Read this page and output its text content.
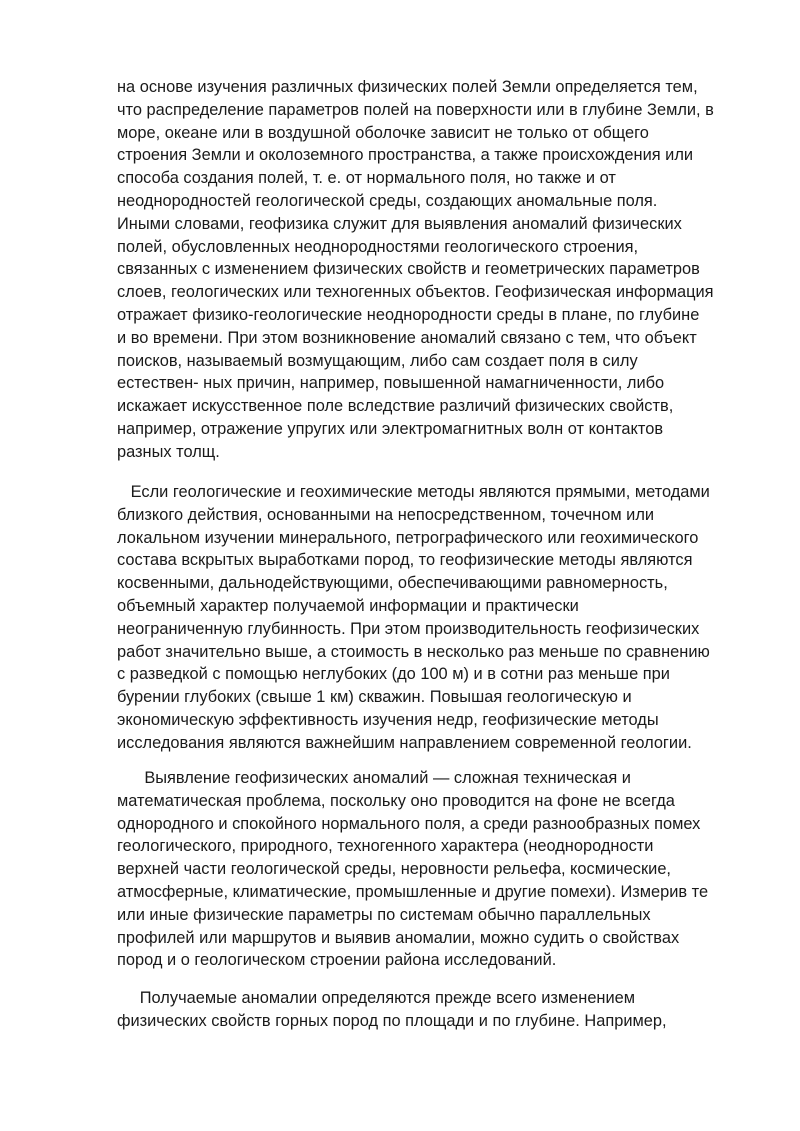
на основе изучения различных физических полей Земли определяется тем,
что распределение параметров полей на поверхности или в глубине Земли, в
море, океане или в воздушной оболочке зависит не только от общего
строения Земли и околоземного пространства, а также происхождения или
способа создания полей, т. е. от нормального поля, но также и от
неоднородностей геологической среды, создающих аномальные поля.
Иными словами, геофизика служит для выявления аномалий физических
полей, обусловленных неоднородностями геологического строения,
связанных с изменением физических свойств и геометрических параметров
слоев, геологических или техногенных объектов. Геофизическая информация
отражает физико-геологические неоднородности среды в плане, по глубине
и во времени. При этом возникновение аномалий связано с тем, что объект
поисков, называемый возмущающим, либо сам создает поля в силу
естествен- ных причин, например, повышенной намагниченности, либо
искажает искусственное поле вследствие различий физических свойств,
например, отражение упругих или электромагнитных волн от контактов
разных толщ.
Если геологические и геохимические методы являются прямыми, методами
близкого действия, основанными на непосредственном, точечном или
локальном изучении минерального, петрографического или геохимического
состава вскрытых выработками пород, то геофизические методы являются
косвенными, дальнодействующими, обеспечивающими равномерность,
объемный характер получаемой информации и практически
неограниченную глубинность. При этом производительность геофизических
работ значительно выше, а стоимость в несколько раз меньше по сравнению
с разведкой с помощью неглубоких (до 100 м) и в сотни раз меньше при
бурении глубоких (свыше 1 км) скважин. Повышая геологическую и
экономическую эффективность изучения недр, геофизические методы
исследования являются важнейшим направлением современной геологии.
Выявление геофизических аномалий — сложная техническая и
математическая проблема, поскольку оно проводится на фоне не всегда
однородного и спокойного нормального поля, а среди разнообразных помех
геологического, природного, техногенного характера (неоднородности
верхней части геологической среды, неровности рельефа, космические,
атмосферные, климатические, промышленные и другие помехи). Измерив те
или иные физические параметры по системам обычно параллельных
профилей или маршрутов и выявив аномалии, можно судить о свойствах
пород и о геологическом строении района исследований.
Получаемые аномалии определяются прежде всего изменением
физических свойств горных пород по площади и по глубине. Например,
